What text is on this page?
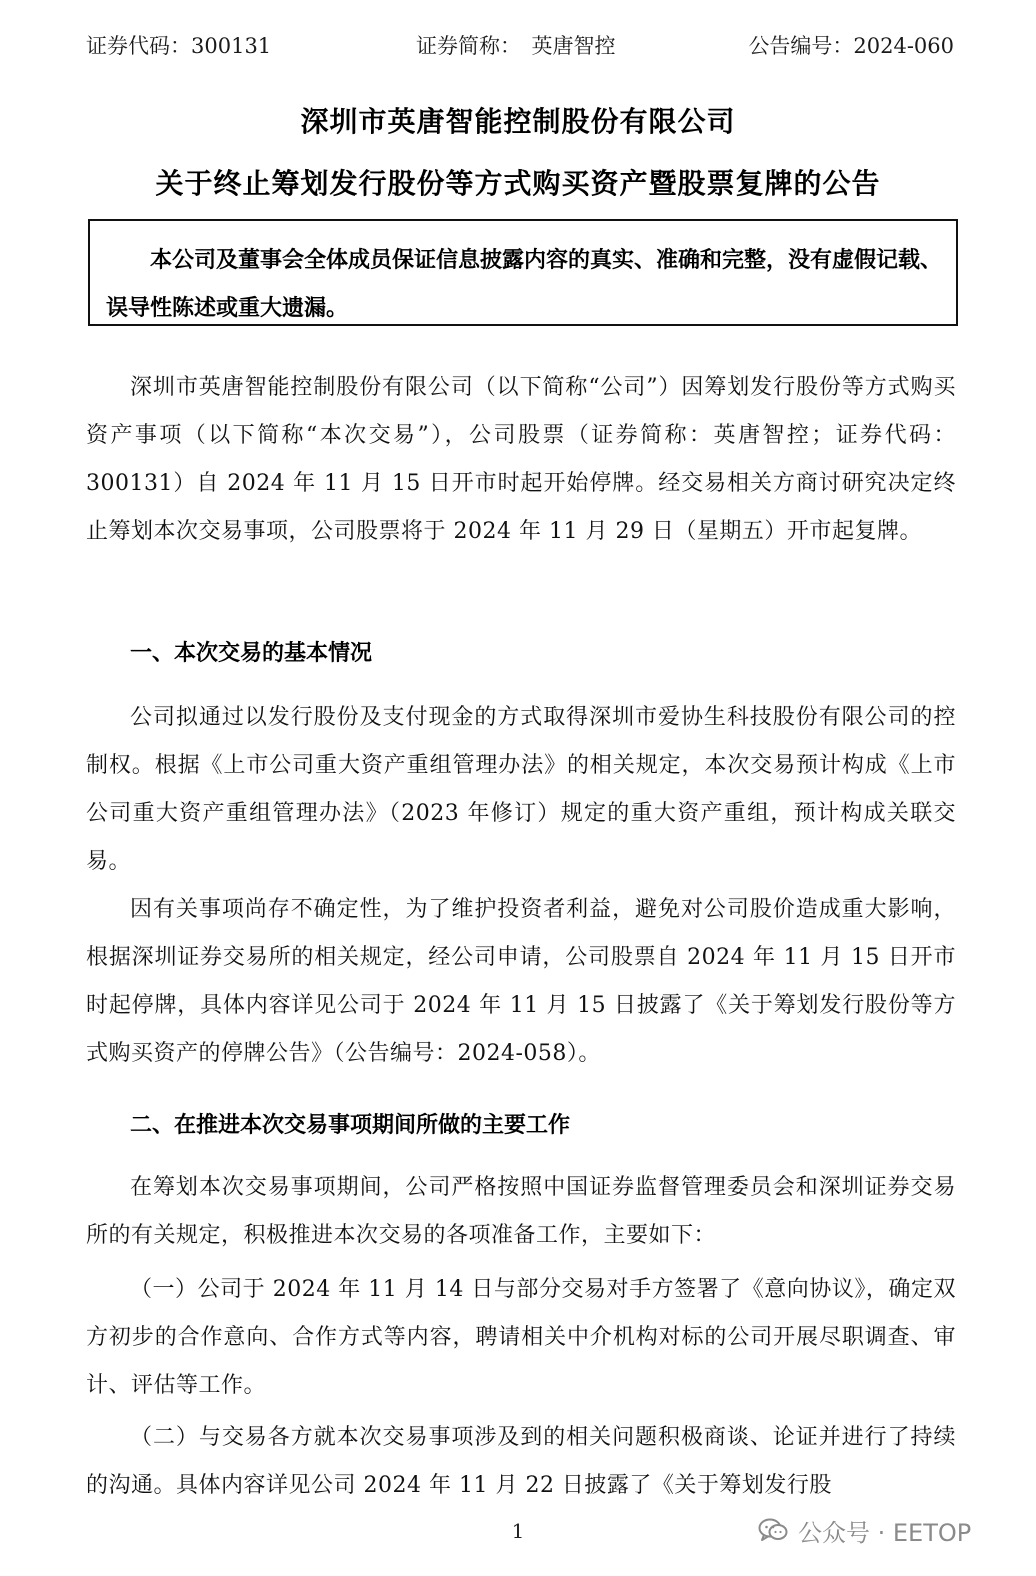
证券代码：300131	证券简称：　英唐智控	公告编号：2024-060
深圳市英唐智能控制股份有限公司
关于终止筹划发行股份等方式购买资产暨股票复牌的公告
本公司及董事会全体成员保证信息披露内容的真实、准确和完整，没有虚假记载、误导性陈述或重大遗漏。
深圳市英唐智能控制股份有限公司（以下简称“公司”）因筹划发行股份等方式购买资产事项（以下简称“本次交易”），公司股票（证券简称：英唐智控；证券代码：300131）自 2024 年 11 月 15 日开市时起开始停牌。经交易相关方商讨研究决定终止筹划本次交易事项，公司股票将于 2024 年 11 月 29 日（星期五）开市起复牌。
一、本次交易的基本情况
公司拟通过以发行股份及支付现金的方式取得深圳市爱协生科技股份有限公司的控制权。根据《上市公司重大资产重组管理办法》的相关规定，本次交易预计构成《上市公司重大资产重组管理办法》（2023 年修订）规定的重大资产重组，预计构成关联交易。
因有关事项尚存不确定性，为了维护投资者利益，避免对公司股价造成重大影响，根据深圳证券交易所的相关规定，经公司申请，公司股票自 2024 年 11 月 15 日开市时起停牌，具体内容详见公司于 2024 年 11 月 15 日披露了《关于筹划发行股份等方式购买资产的停牌公告》（公告编号：2024-058）。
二、在推进本次交易事项期间所做的主要工作
在筹划本次交易事项期间，公司严格按照中国证券监督管理委员会和深圳证券交易所的有关规定，积极推进本次交易的各项准备工作，主要如下：
（一）公司于 2024 年 11 月 14 日与部分交易对手方签署了《意向协议》，确定双方初步的合作意向、合作方式等内容，聘请相关中介机构对标的公司开展尽职调查、审计、评估等工作。
（二）与交易各方就本次交易事项涉及到的相关问题积极商谈、论证并进行了持续的沟通。具体内容详见公司 2024 年 11 月 22 日披露了《关于筹划发行股
1	公众号 · EETOP
